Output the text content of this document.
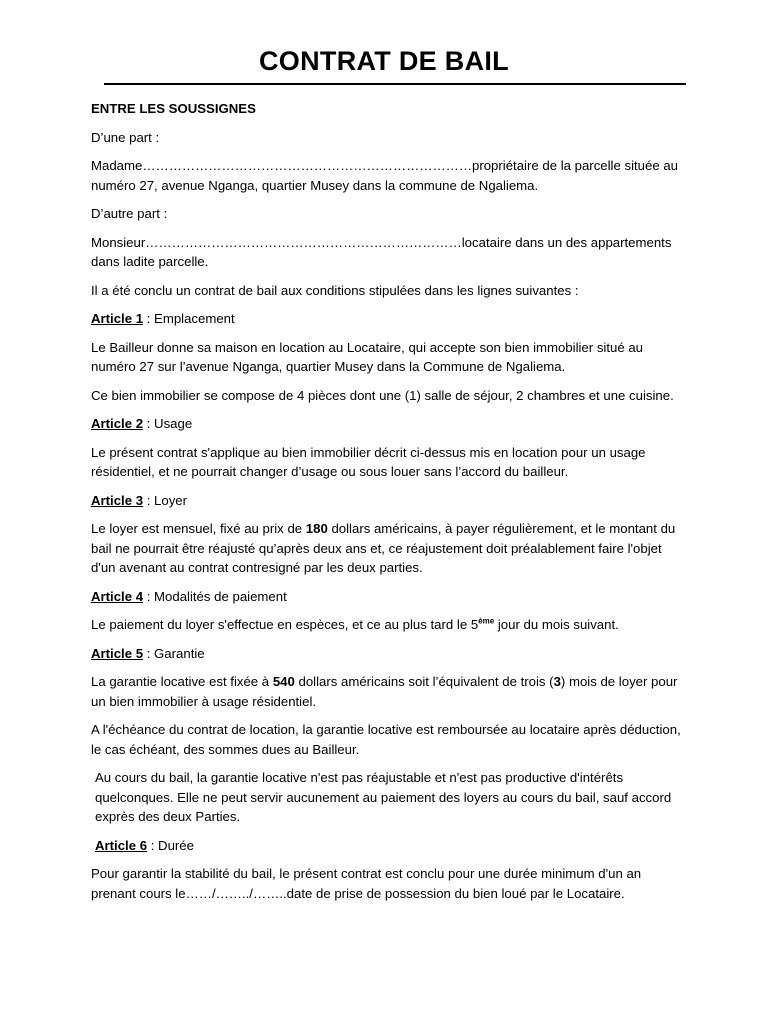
CONTRAT DE BAIL

ENTRE LES SOUSSIGNES

D’une part :

Madame…………………………………………………………………propriétaire de la parcelle située au numéro 27, avenue Nganga, quartier Musey dans la commune de Ngaliema.

D’autre part :

Monsieur………………………………………………………………locataire dans un des appartements dans ladite parcelle.

Il a été conclu un contrat de bail aux conditions stipulées dans les lignes suivantes :

Article 1 : Emplacement

Le Bailleur donne sa maison en location au Locataire, qui accepte son bien immobilier situé au numéro 27 sur l’avenue Nganga, quartier Musey dans la Commune de Ngaliema.

Ce bien immobilier se compose de 4 pièces dont une (1) salle de séjour, 2 chambres et une cuisine.

Article 2 : Usage

Le présent contrat s'applique au bien immobilier décrit ci-dessus mis en location pour un usage résidentiel, et ne pourrait changer d’usage ou sous louer sans l’accord du bailleur.

Article 3 : Loyer

Le loyer est mensuel, fixé au prix de 180 dollars américains, à payer régulièrement, et le montant du bail ne pourrait être réajusté qu’après deux ans et, ce réajustement doit préalablement faire l'objet d'un avenant au contrat contresigné par les deux parties.

Article 4 : Modalités de paiement

Le paiement du loyer s'effectue en espèces, et ce au plus tard le 5ème jour du mois suivant.

Article 5 : Garantie

La garantie locative est fixée à 540 dollars américains soit l’équivalent de trois (3) mois de loyer pour un bien immobilier à usage résidentiel.

A l'échéance du contrat de location, la garantie locative est remboursée au locataire après déduction, le cas échéant, des sommes dues au Bailleur.

Au cours du bail, la garantie locative n'est pas réajustable et n'est pas productive d'intérêts quelconques. Elle ne peut servir aucunement au paiement des loyers au cours du bail, sauf accord exprès des deux Parties.

Article 6 : Durée

Pour garantir la stabilité du bail, le présent contrat est conclu pour une durée minimum d'un an prenant cours le……/……../……..date de prise de possession du bien loué par le Locataire.
